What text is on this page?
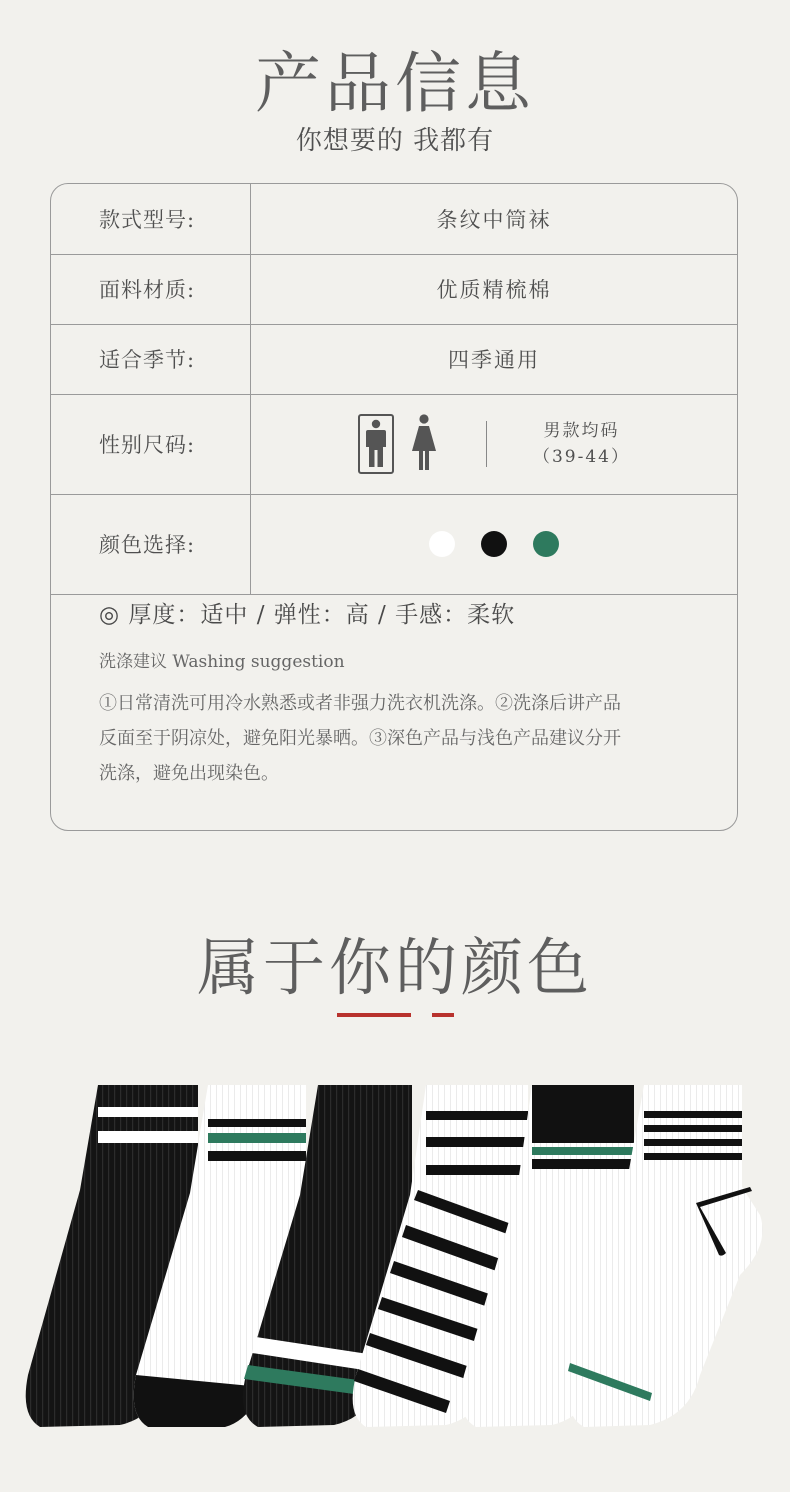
产品信息
你想要的 我都有
款式型号:	条纹中筒袜
面料材质:	优质精梳棉
适合季节:	四季通用
性别尺码:
男款均码
（39-44）
颜色选择:
◎ 厚度：适中 / 弹性：高 / 手感：柔软
洗涤建议 Washing suggestion
①日常清洗可用冷水熟悉或者非强力洗衣机洗涤。②洗涤后讲产品
反面至于阴凉处，避免阳光暴晒。③深色产品与浅色产品建议分开
洗涤，避免出现染色。
属于你的颜色
